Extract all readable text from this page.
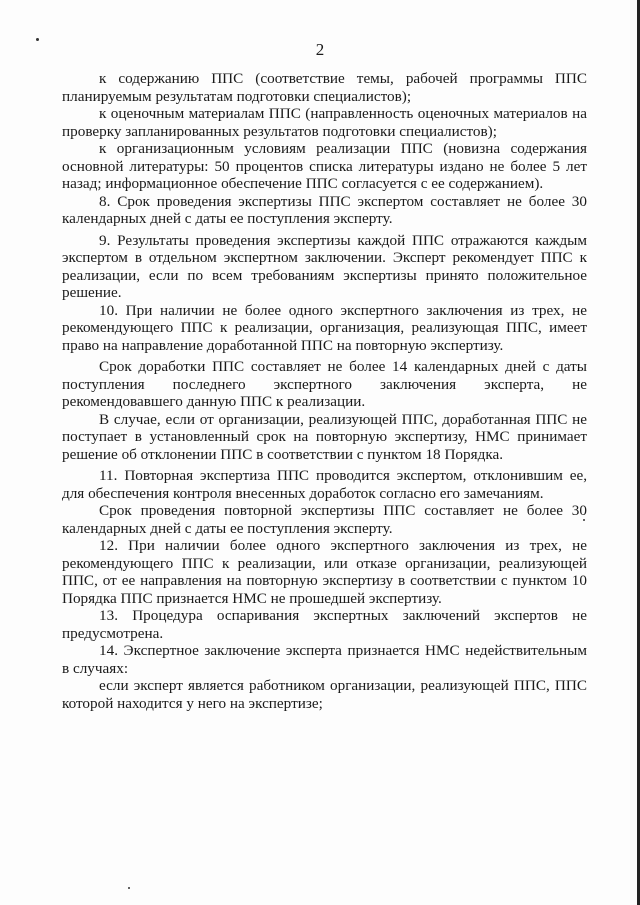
2

к содержанию ППС (соответствие темы, рабочей программы ППС планируемым результатам подготовки специалистов);

к оценочным материалам ППС (направленность оценочных материалов на проверку запланированных результатов подготовки специалистов);

к организационным условиям реализации ППС (новизна содержания основной литературы: 50 процентов списка литературы издано не более 5 лет назад; информационное обеспечение ППС согласуется с ее содержанием).

8. Срок проведения экспертизы ППС экспертом составляет не более 30 календарных дней с даты ее поступления эксперту.

9. Результаты проведения экспертизы каждой ППС отражаются каждым экспертом в отдельном экспертном заключении. Эксперт рекомендует ППС к реализации, если по всем требованиям экспертизы принято положительное решение.

10. При наличии не более одного экспертного заключения из трех, не рекомендующего ППС к реализации, организация, реализующая ППС, имеет право на направление доработанной ППС на повторную экспертизу.

Срок доработки ППС составляет не более 14 календарных дней с даты поступления последнего экспертного заключения эксперта, не рекомендовавшего данную ППС к реализации.

В случае, если от организации, реализующей ППС, доработанная ППС не поступает в установленный срок на повторную экспертизу, НМС принимает решение об отклонении ППС в соответствии с пунктом 18 Порядка.

11. Повторная экспертиза ППС проводится экспертом, отклонившим ее, для обеспечения контроля внесенных доработок согласно его замечаниям.

Срок проведения повторной экспертизы ППС составляет не более 30 календарных дней с даты ее поступления эксперту.

12. При наличии более одного экспертного заключения из трех, не рекомендующего ППС к реализации, или отказе организации, реализующей ППС, от ее направления на повторную экспертизу в соответствии с пунктом 10 Порядка ППС признается НМС не прошедшей экспертизу.

13. Процедура оспаривания экспертных заключений экспертов не предусмотрена.

14. Экспертное заключение эксперта признается НМС недействительным в случаях:

если эксперт является работником организации, реализующей ППС, ППС которой находится у него на экспертизе;
